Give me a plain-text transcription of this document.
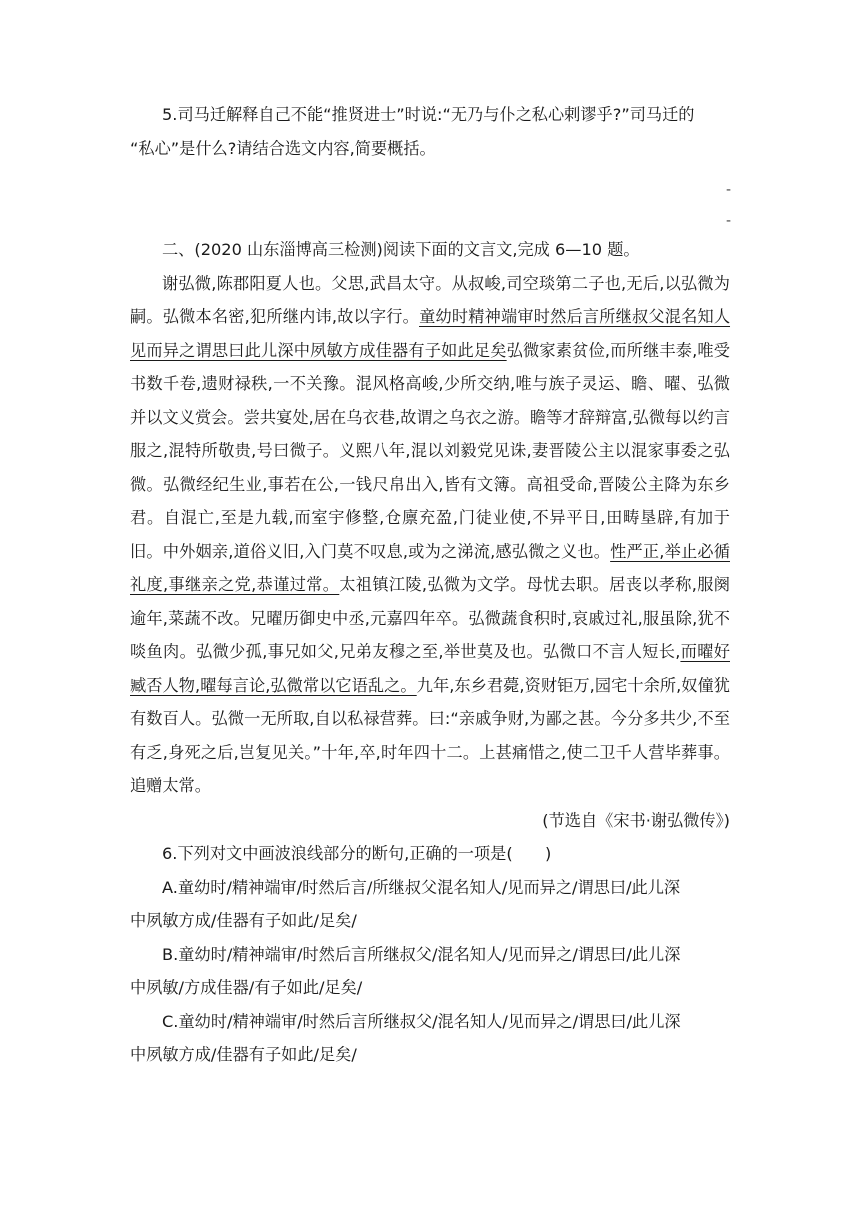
5.司马迁解释自己不能“推贤进士”时说:“无乃与仆之私心剌谬乎?”司马迁的

“私心”是什么?请结合选文内容,简要概括。

二、(2020 山东淄博高三检测)阅读下面的文言文,完成 6—10 题。

谢弘微,陈郡阳夏人也。父思,武昌太守。从叔峻,司空琰第二子也,无后,以弘微为嗣。弘微本名密,犯所继内讳,故以字行。童幼时精神端审时然后言所继叔父混名知人见而异之谓思曰此儿深中夙敏方成佳器有子如此足矣弘微家素贫俭,而所继丰泰,唯受书数千卷,遗财禄秩,一不关豫。混风格高峻,少所交纳,唯与族子灵运、瞻、曜、弘微并以文义赏会。尝共宴处,居在乌衣巷,故谓之乌衣之游。瞻等才辞辩富,弘微每以约言服之,混特所敬贵,号曰微子。义熙八年,混以刘毅党见诛,妻晋陵公主以混家事委之弘微。弘微经纪生业,事若在公,一钱尺帛出入,皆有文簿。高祖受命,晋陵公主降为东乡君。自混亡,至是九载,而室宇修整,仓廪充盈,门徒业使,不异平日,田畴垦辟,有加于旧。中外姻亲,道俗义旧,入门莫不叹息,或为之涕流,感弘微之义也。性严正,举止必循礼度,事继亲之党,恭谨过常。太祖镇江陵,弘微为文学。母忧去职。居丧以孝称,服阕逾年,菜蔬不改。兄曜历御史中丞,元嘉四年卒。弘微蔬食积时,哀戚过礼,服虽除,犹不啖鱼肉。弘微少孤,事兄如父,兄弟友穆之至,举世莫及也。弘微口不言人短长,而曜好臧否人物,曜每言论,弘微常以它语乱之。九年,东乡君薨,资财钜万,园宅十余所,奴僮犹有数百人。弘微一无所取,自以私禄营葬。曰:“亲戚争财,为鄙之甚。今分多共少,不至有乏,身死之后,岂复见关。”十年,卒,时年四十二。上甚痛惜之,使二卫千人营毕葬事。追赠太常。

(节选自《宋书·谢弘微传》)

6.下列对文中画波浪线部分的断句,正确的一项是(　　)

A.童幼时/精神端审/时然后言/所继叔父混名知人/见而异之/谓思曰/此儿深

中夙敏方成/佳器有子如此/足矣/

B.童幼时/精神端审/时然后言所继叔父/混名知人/见而异之/谓思曰/此儿深

中夙敏/方成佳器/有子如此/足矣/

C.童幼时/精神端审/时然后言所继叔父/混名知人/见而异之/谓思曰/此儿深

中夙敏方成/佳器有子如此/足矣/

-
-
